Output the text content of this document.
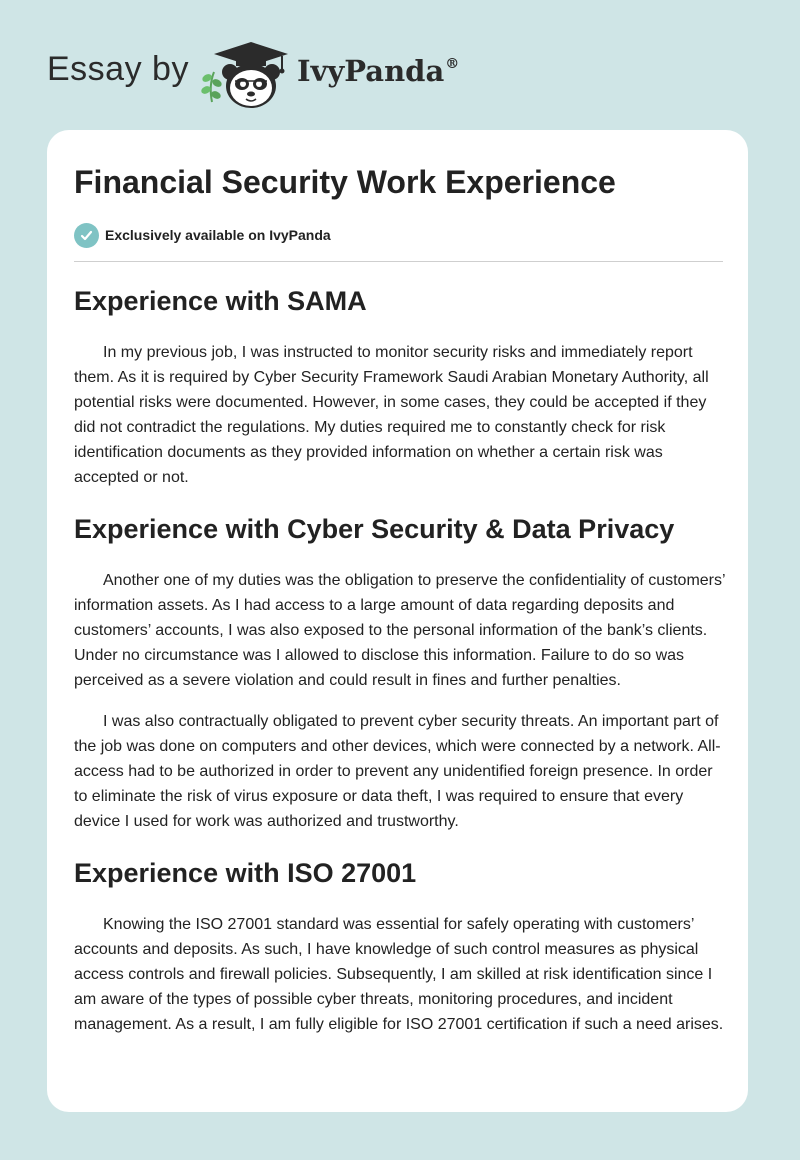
Essay by	IvyPanda®
Financial Security Work Experience
Exclusively available on IvyPanda
Experience with SAMA

In my previous job, I was instructed to monitor security risks and immediately report them. As it is required by Cyber Security Framework Saudi Arabian Monetary Authority, all potential risks were documented. However, in some cases, they could be accepted if they did not contradict the regulations. My duties required me to constantly check for risk identification documents as they provided information on whether a certain risk was accepted or not.

Experience with Cyber Security & Data Privacy

Another one of my duties was the obligation to preserve the confidentiality of customers’ information assets. As I had access to a large amount of data regarding deposits and customers’ accounts, I was also exposed to the personal information of the bank’s clients. Under no circumstance was I allowed to disclose this information. Failure to do so was perceived as a severe violation and could result in fines and further penalties.

I was also contractually obligated to prevent cyber security threats. An important part of the job was done on computers and other devices, which were connected by a network. All-access had to be authorized in order to prevent any unidentified foreign presence. In order to eliminate the risk of virus exposure or data theft, I was required to ensure that every device I used for work was authorized and trustworthy.

Experience with ISO 27001

Knowing the ISO 27001 standard was essential for safely operating with customers’ accounts and deposits. As such, I have knowledge of such control measures as physical access controls and firewall policies. Subsequently, I am skilled at risk identification since I am aware of the types of possible cyber threats, monitoring procedures, and incident management. As a result, I am fully eligible for ISO 27001 certification if such a need arises.
